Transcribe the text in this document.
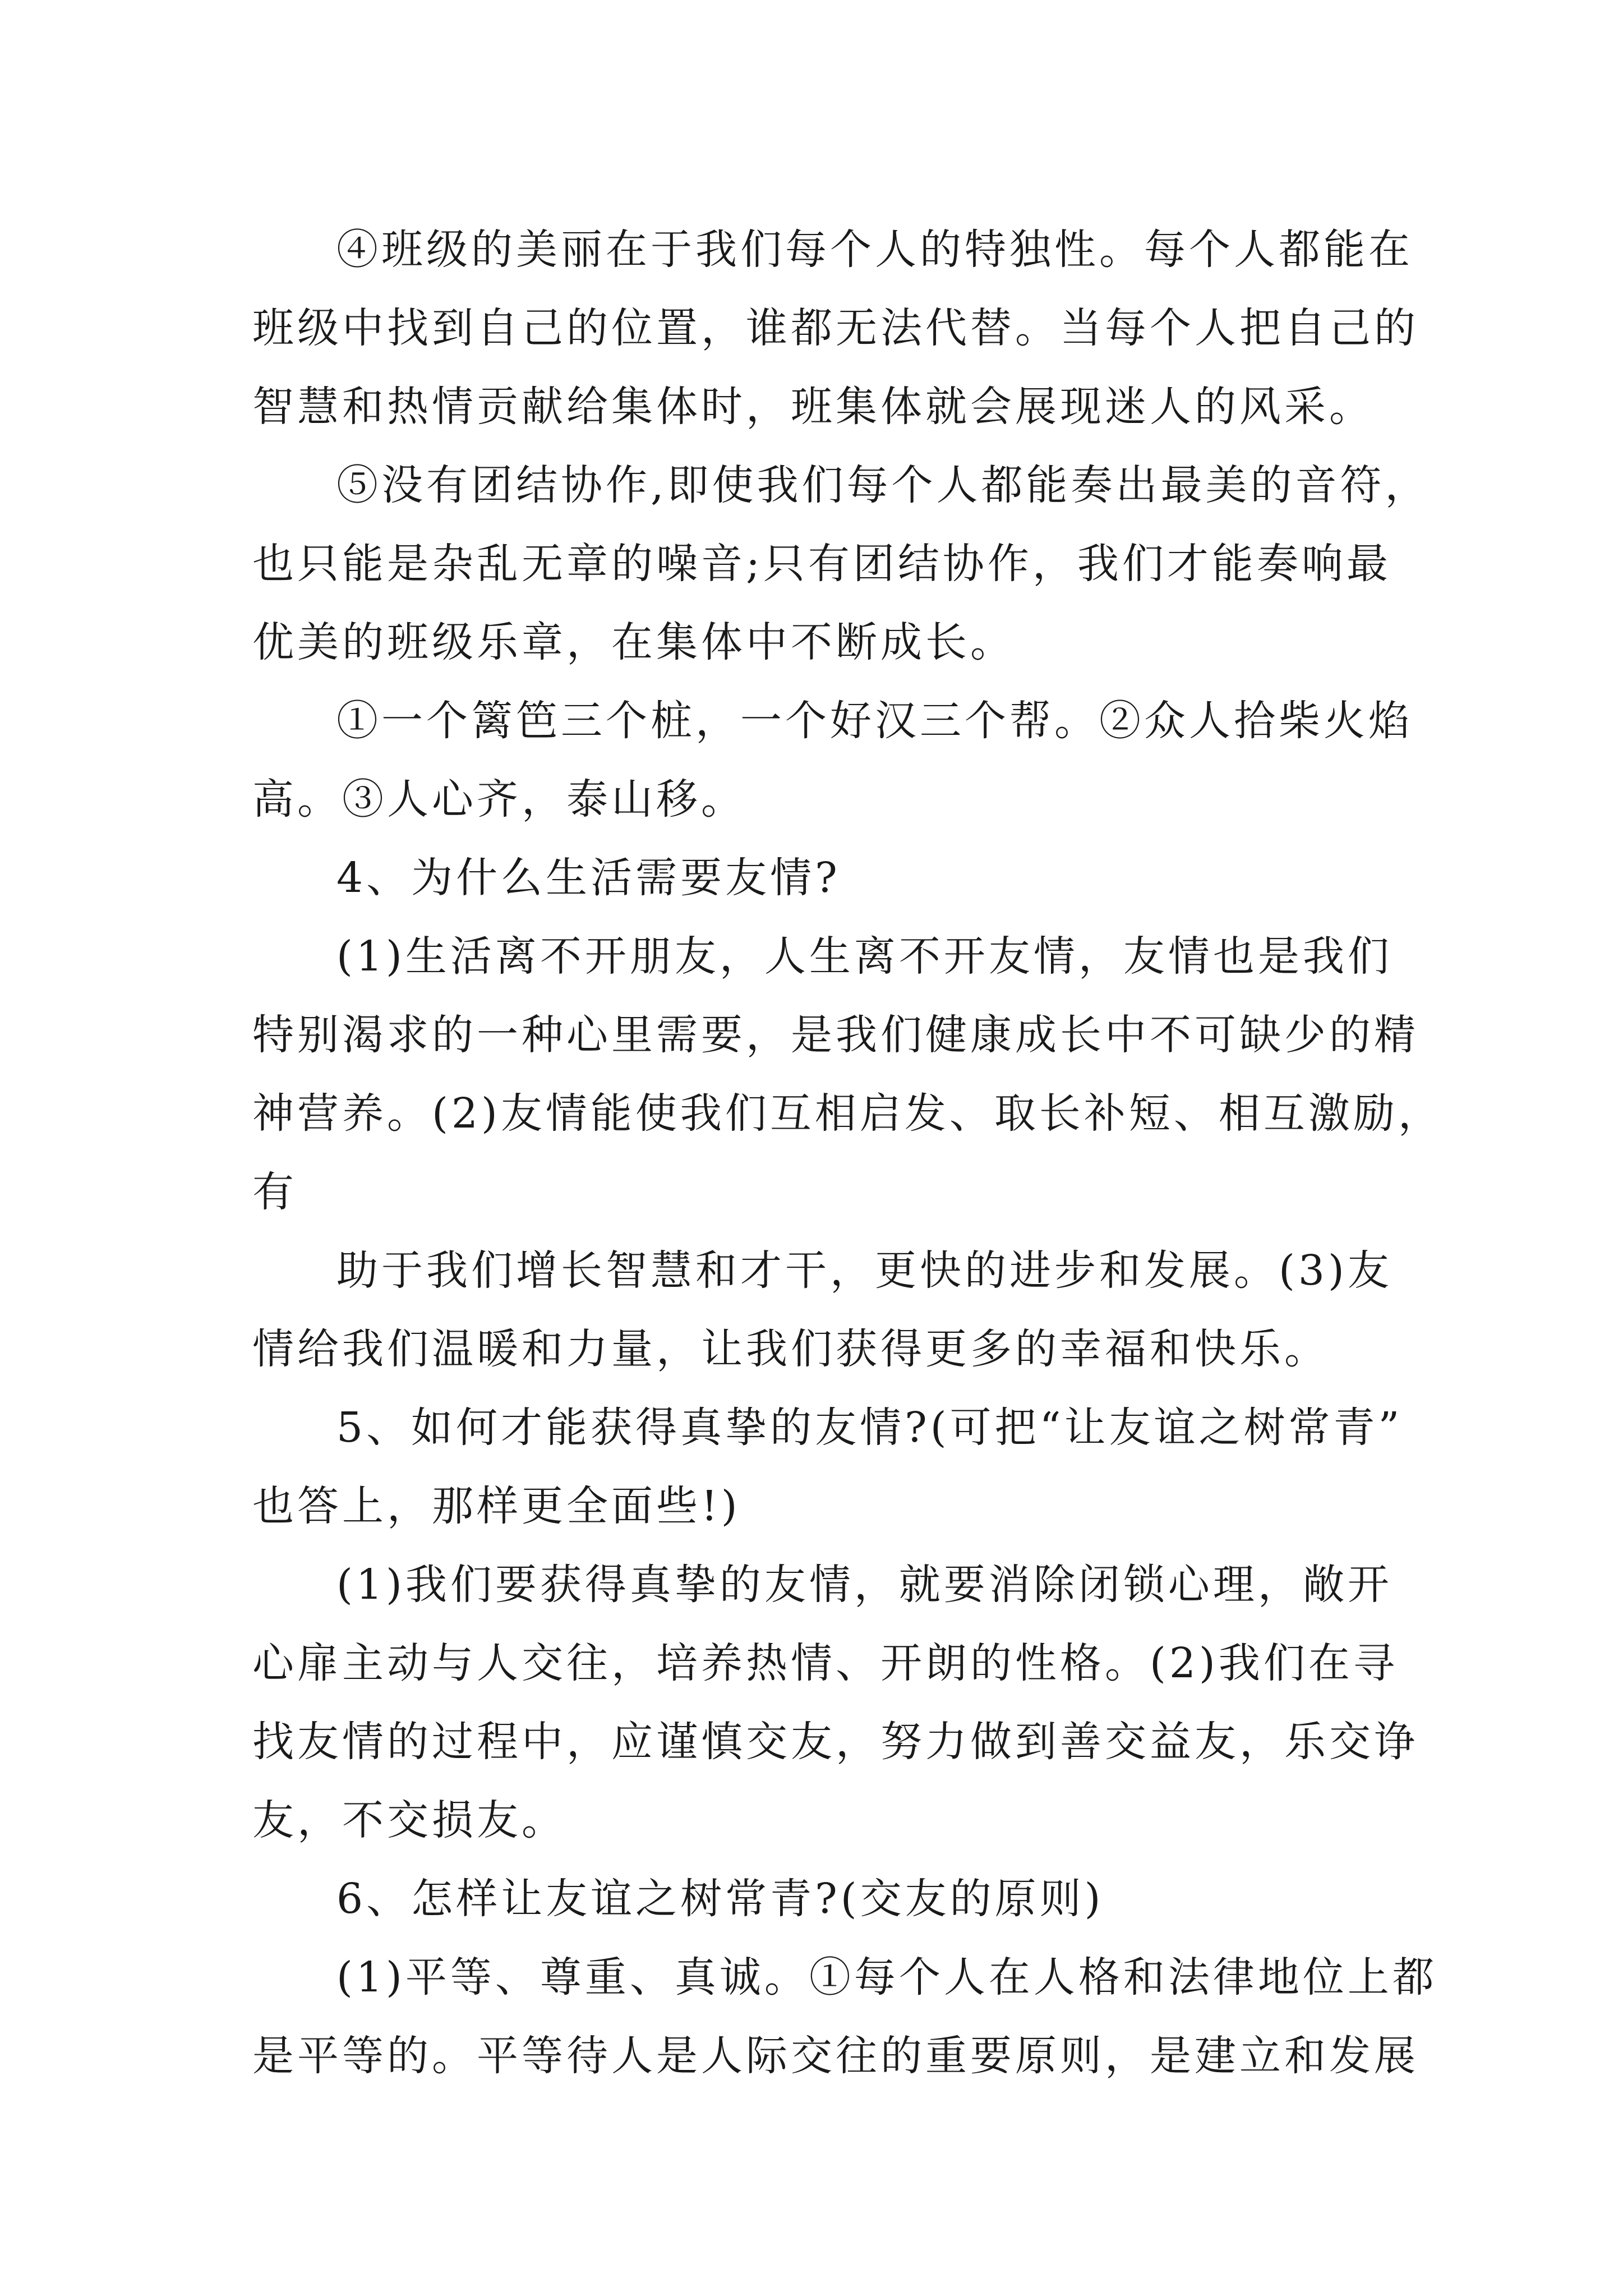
④班级的美丽在于我们每个人的特独性。每个人都能在
班级中找到自己的位置，谁都无法代替。当每个人把自己的
智慧和热情贡献给集体时，班集体就会展现迷人的风采。
⑤没有团结协作,即使我们每个人都能奏出最美的音符，
也只能是杂乱无章的噪音;只有团结协作，我们才能奏响最
优美的班级乐章，在集体中不断成长。
①一个篱笆三个桩，一个好汉三个帮。②众人拾柴火焰
高。③人心齐，泰山移。
4、为什么生活需要友情?
(1)生活离不开朋友，人生离不开友情，友情也是我们
特别渴求的一种心里需要，是我们健康成长中不可缺少的精
神营养。(2)友情能使我们互相启发、取长补短、相互激励，
有
助于我们增长智慧和才干，更快的进步和发展。(3)友
情给我们温暖和力量，让我们获得更多的幸福和快乐。
5、如何才能获得真挚的友情?(可把“让友谊之树常青”
也答上，那样更全面些!)
(1)我们要获得真挚的友情，就要消除闭锁心理，敞开
心扉主动与人交往，培养热情、开朗的性格。(2)我们在寻
找友情的过程中，应谨慎交友，努力做到善交益友，乐交诤
友，不交损友。
6、怎样让友谊之树常青?(交友的原则)
(1)平等、尊重、真诚。①每个人在人格和法律地位上都
是平等的。平等待人是人际交往的重要原则，是建立和发展
